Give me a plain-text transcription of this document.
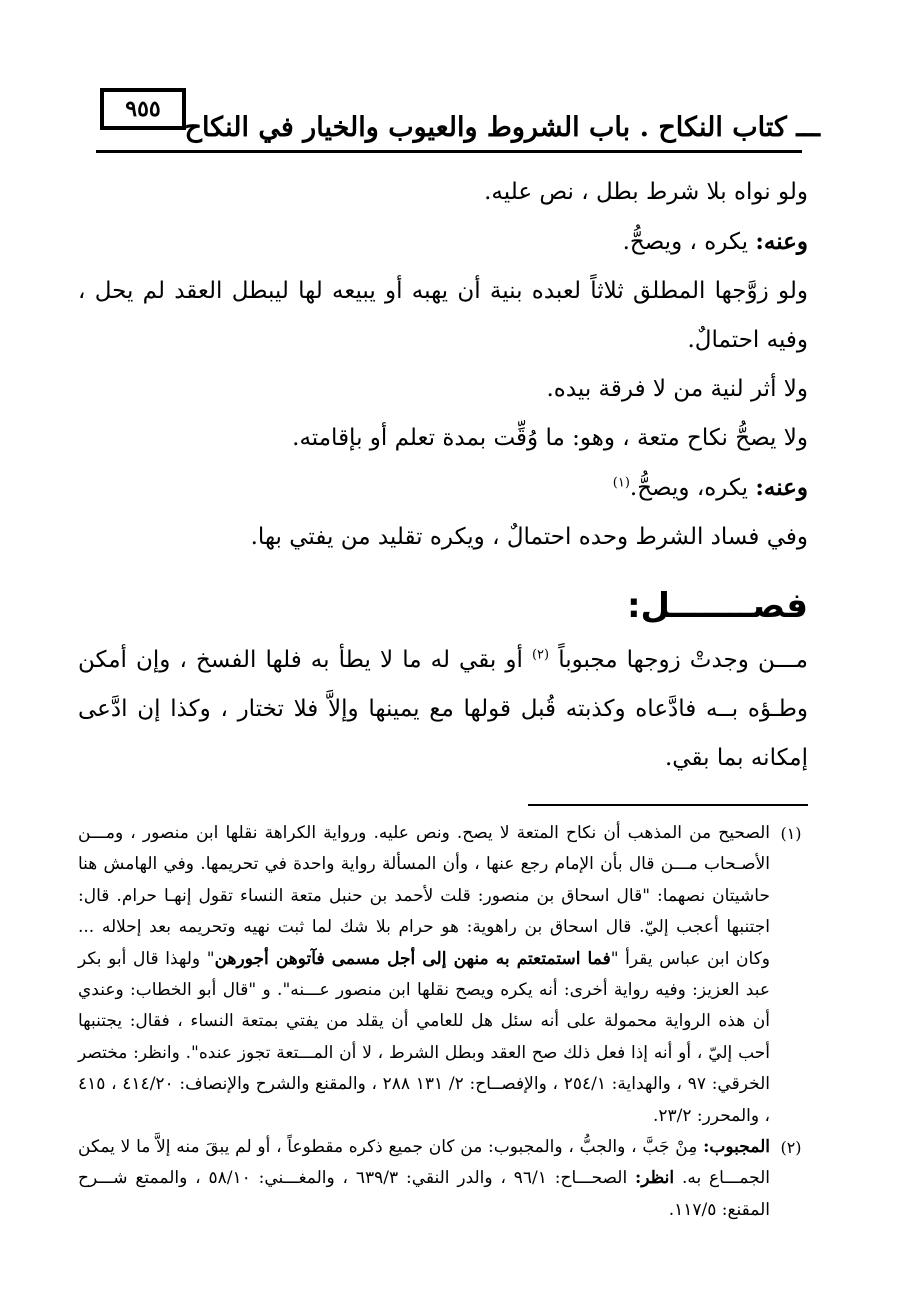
٩٥٥
ـــ كتاب النكاح . باب الشروط والعيوب والخيار في النكاح

ولو نواه بلا شرط بطل ، نص عليه.

وعنه: يكره ، ويصحُّ.

ولو زوَّجها المطلق ثلاثاً لعبده بنية أن يهبه أو يبيعه لها ليبطل العقد لم يحل ، وفيه احتمالٌ.

ولا أثر لنية من لا فرقة بيده.

ولا يصحُّ نكاح متعة ، وهو: ما وُقِّت بمدة تعلم أو بإقامته.

وعنه: يكره، ويصحُّ.$^{(١)}$

وفي فساد الشرط وحده احتمالٌ ، ويكره تقليد من يفتي بها.

فصـــــــل:

مـــن وجدتْ زوجها مجبوباً $^{(٢)}$ أو بقي له ما لا يطأ به فلها الفسخ ، وإن أمكن وطـؤه بــه فادَّعاه وكذبته قُبل قولها مع يمينها وإلاَّ فلا تختار ، وكذا إن ادَّعى إمكانه بما بقي.

(١)

الصحيح من المذهب أن نكاح المتعة لا يصح. ونص عليه. ورواية الكراهة نقلها ابن منصور ، ومـــن الأصـحاب مـــن قال بأن الإمام رجع عنها ، وأن المسألة رواية واحدة في تحريمها. وفي الهامش هنا حاشيتان نصهما: "قال اسحاق بن منصور: قلت لأحمد بن حنبل متعة النساء تقول إنهـا حرام. قال: اجتنبها أعجب إليّ. قال اسحاق بن راهوية: هو حرام بلا شك لما ثبت نهيه وتحريمه بعد إحلاله ... وكان ابن عباس يقرأ "فما استمتعتم به منهن إلى أجل مسمى فآتوهن أجورهن" ولهذا قال أبو بكر عبد العزيز: وفيه رواية أخرى: أنه يكره ويصح نقلها ابن منصور عـــنه". و "قال أبو الخطاب: وعندي أن هذه الرواية محمولة على أنه سئل هل للعامي أن يقلد من يفتي بمتعة النساء ، فقال: يجتنبها أحب إليّ ، أو أنه إذا فعل ذلك صح العقد وبطل الشرط ، لا أن المـــتعة تجوز عنده". وانظر: مختصر الخرقي: ٩٧ ، والهداية: ٢٥٤/١ ، والإفصــاح: ٢/ ١٣١ ٢٨٨ ، والمقنع والشرح والإنصاف: ٤١٤/٢٠ ، ٤١٥ ، والمحرر: ٢٣/٢.

(٢)

المجبوب: مِنْ جَبَّ ، والجبُّ ، والمجبوب: من كان جميع ذكره مقطوعاً ، أو لم يبقَ منه إلاَّ ما لا يمكن الجمـــاع به. انظر: الصحـــاح: ٩٦/١ ، والدر النقي: ٦٣٩/٣ ، والمغـــني: ٥٨/١٠ ، والممتع شـــرح المقنع: ١١٧/٥.
